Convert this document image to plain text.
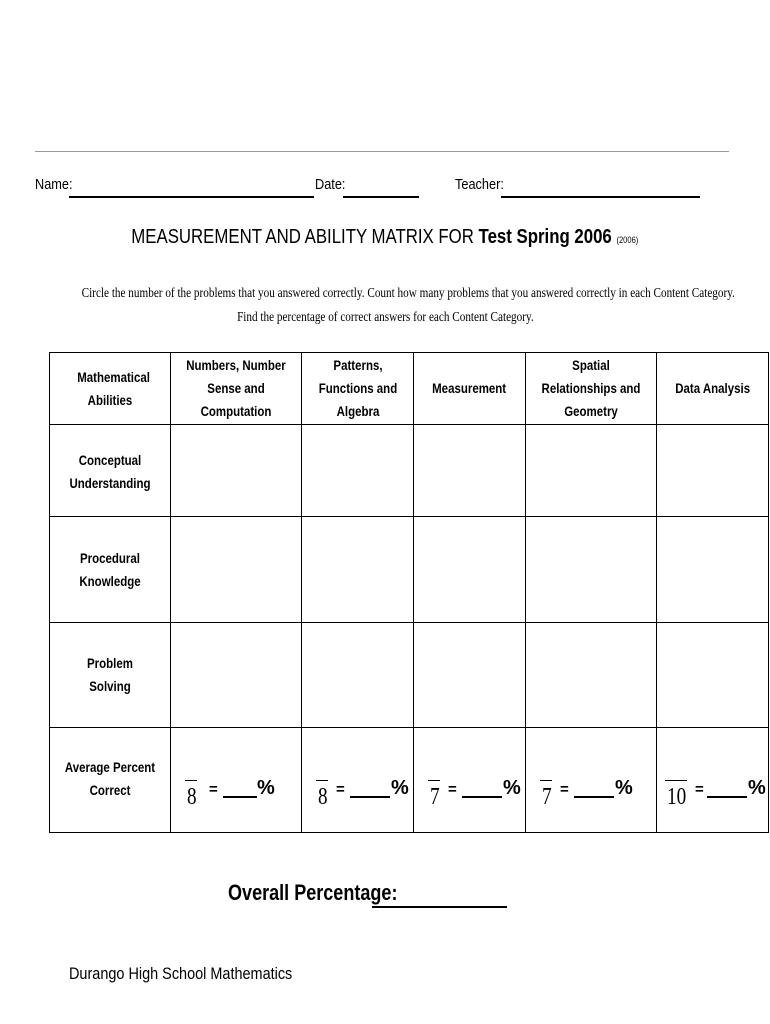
Name:	Date:	Teacher:
MEASUREMENT AND ABILITY MATRIX FOR Test Spring 2006 (2006)
Circle the number of the problems that you answered correctly. Count how many problems that you answered correctly in each Content Category.
Find the percentage of correct answers for each Content Category.
Mathematical Abilities	Numbers, Number Sense and Computation	Patterns, Functions and Algebra	Measurement	Spatial Relationships and Geometry	Data Analysis
Conceptual Understanding					
Procedural Knowledge					
Problem Solving					
Average Percent Correct	8 = %	8 = %	7 = %	7 = %	10 = %
Overall Percentage:
Durango High School Mathematics
